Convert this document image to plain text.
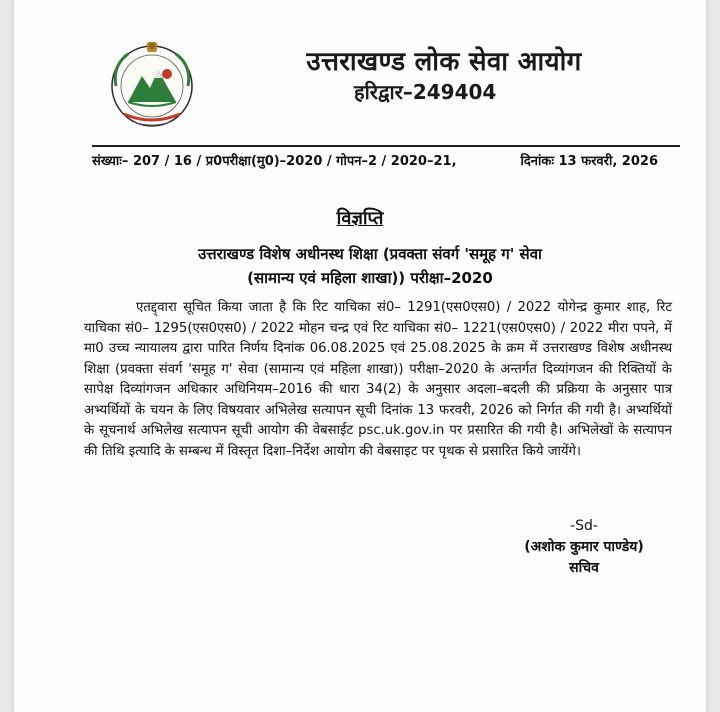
उत्तराखण्ड लोक सेवा आयोग
हरिद्वार–249404
संख्याः– 207 / 16 / प्र0परीक्षा(मु0)–2020 / गोपन–2 / 2020–21,	दिनांकः 13 फरवरी, 2026
विज्ञप्ति
उत्तराखण्ड विशेष अधीनस्थ शिक्षा (प्रवक्ता संवर्ग 'समूह ग' सेवा
(सामान्य एवं महिला शाखा)) परीक्षा–2020
एतद्द्वारा सूचित किया जाता है कि रिट याचिका सं0– 1291(एस0एस0) / 2022 योगेन्द्र कुमार शाह, रिट याचिका सं0– 1295(एस0एस0) / 2022 मोहन चन्द्र एवं रिट याचिका सं0– 1221(एस0एस0) / 2022 मीरा पपने, में मा0 उच्च न्यायालय द्वारा पारित निर्णय दिनांक 06.08.2025 एवं 25.08.2025 के क्रम में उत्तराखण्ड विशेष अधीनस्थ शिक्षा (प्रवक्ता संवर्ग 'समूह ग' सेवा (सामान्य एवं महिला शाखा)) परीक्षा–2020 के अन्तर्गत दिव्यांगजन की रिक्तियों के सापेक्ष दिव्यांगजन अधिकार अधिनियम–2016 की धारा 34(2) के अनुसार अदला–बदली की प्रक्रिया के अनुसार पात्र अभ्यर्थियों के चयन के लिए विषयवार अभिलेख सत्यापन सूची दिनांक 13 फरवरी, 2026 को निर्गत की गयी है। अभ्यर्थियों के सूचनार्थ अभिलेख सत्यापन सूची आयोग की वेबसाईट psc.uk.gov.in पर प्रसारित की गयी है। अभिलेखों के सत्यापन की तिथि इत्यादि के सम्बन्ध में विस्तृत दिशा–निर्देश आयोग की वेबसाइट पर पृथक से प्रसारित किये जायेंगे।
-Sd-
(अशोक कुमार पाण्डेय)
सचिव
